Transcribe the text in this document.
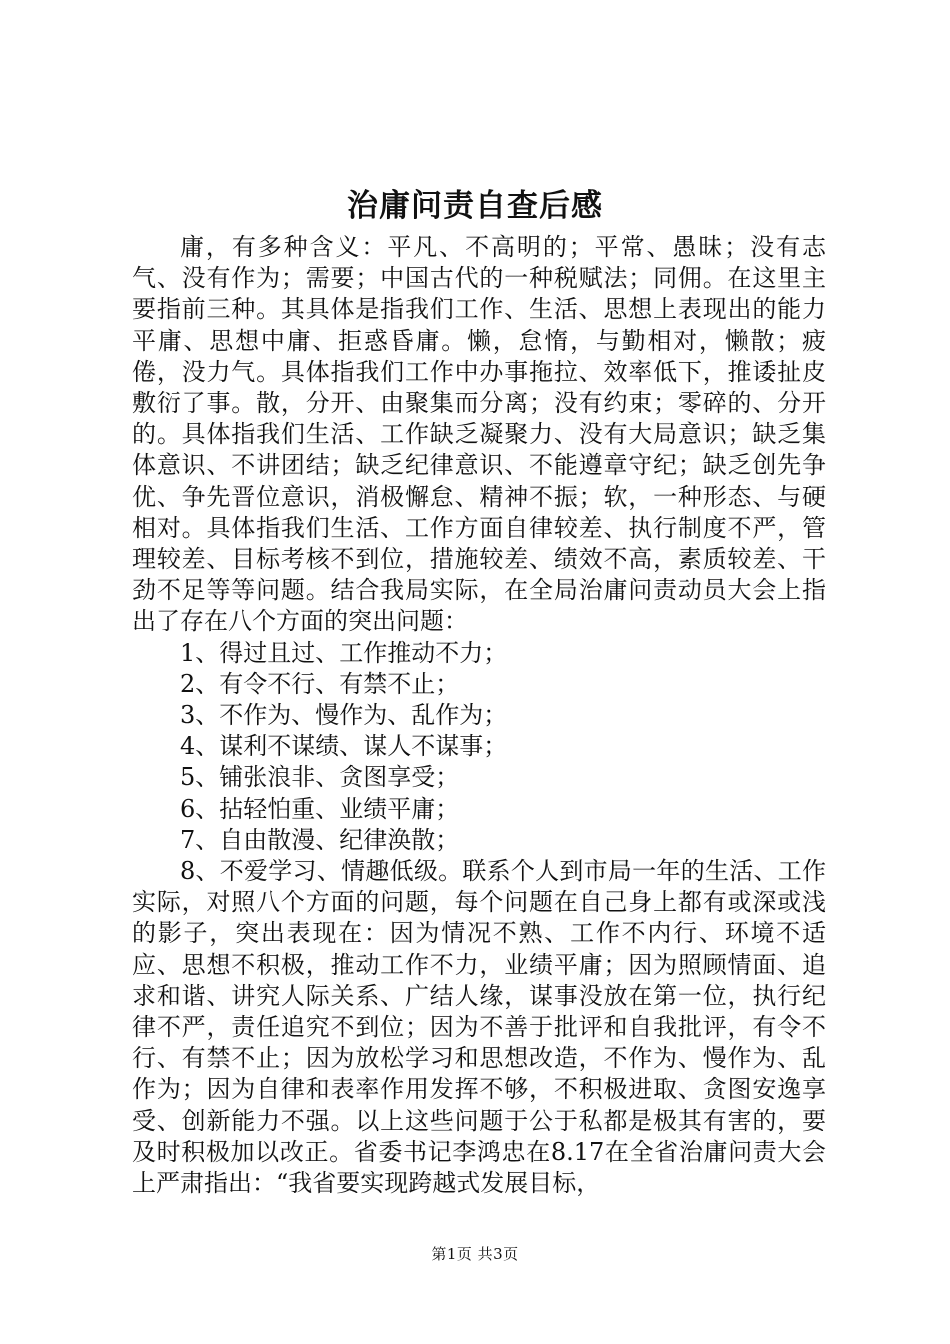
治庸问责自查后感

庸，有多种含义：平凡、不高明的；平常、愚昧；没有志气、没有作为；需要；中国古代的一种税赋法；同佣。在这里主要指前三种。其具体是指我们工作、生活、思想上表现出的能力平庸、思想中庸、拒惑昏庸。懒，怠惰，与勤相对，懒散；疲倦，没力气。具体指我们工作中办事拖拉、效率低下，推诿扯皮敷衍了事。散，分开、由聚集而分离；没有约束；零碎的、分开的。具体指我们生活、工作缺乏凝聚力、没有大局意识；缺乏集体意识、不讲团结；缺乏纪律意识、不能遵章守纪；缺乏创先争优、争先晋位意识，消极懈怠、精神不振；软，一种形态、与硬相对。具体指我们生活、工作方面自律较差、执行制度不严，管理较差、目标考核不到位，措施较差、绩效不高，素质较差、干劲不足等等问题。结合我局实际，在全局治庸问责动员大会上指出了存在八个方面的突出问题：

1、得过且过、工作推动不力；

2、有令不行、有禁不止；

3、不作为、慢作为、乱作为；

4、谋利不谋绩、谋人不谋事；

5、铺张浪非、贪图享受；

6、拈轻怕重、业绩平庸；

7、自由散漫、纪律涣散；

8、不爱学习、情趣低级。联系个人到市局一年的生活、工作实际，对照八个方面的问题，每个问题在自己身上都有或深或浅的影子，突出表现在：因为情况不熟、工作不内行、环境不适应、思想不积极，推动工作不力，业绩平庸；因为照顾情面、追求和谐、讲究人际关系、广结人缘，谋事没放在第一位，执行纪律不严，责任追究不到位；因为不善于批评和自我批评，有令不行、有禁不止；因为放松学习和思想改造，不作为、慢作为、乱作为；因为自律和表率作用发挥不够，不积极进取、贪图安逸享受、创新能力不强。以上这些问题于公于私都是极其有害的，要及时积极加以改正。省委书记李鸿忠在8.17在全省治庸问责大会上严肃指出：“我省要实现跨越式发展目标，

第1页 共3页
